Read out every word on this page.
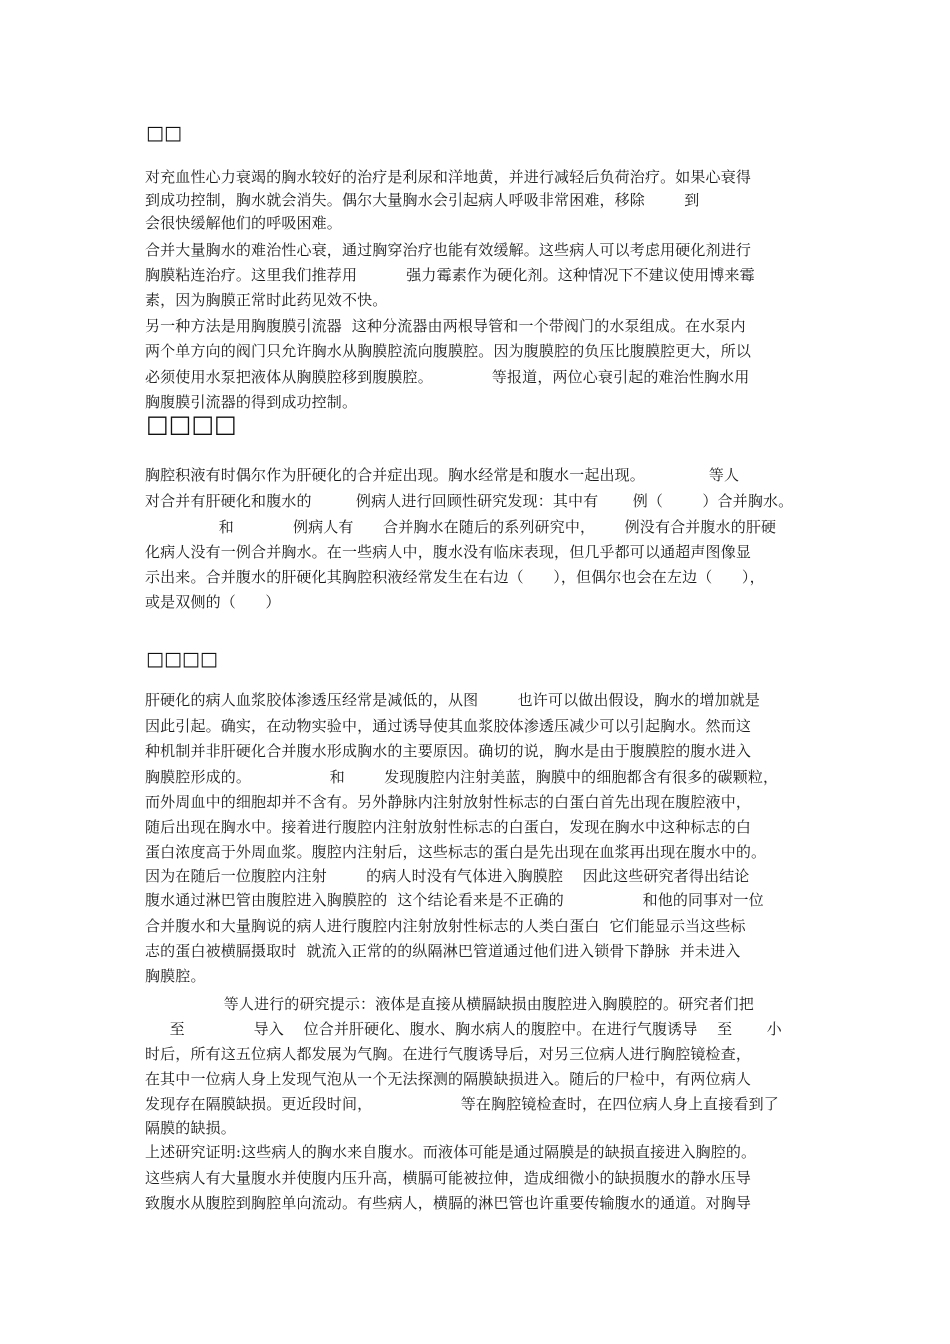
□□
对充血性心力衰竭的胸水较好的治疗是利尿和洋地黄，并进行减轻后负荷治疗。如果心衰得
到成功控制，胸水就会消失。偶尔大量胸水会引起病人呼吸非常困难，移除        到
会很快缓解他们的呼吸困难。
合并大量胸水的难治性心衰，通过胸穿治疗也能有效缓解。这些病人可以考虑用硬化剂进行
胸膜粘连治疗。这里我们推荐用          强力霉素作为硬化剂。这种情况下不建议使用博来霉
素，因为胸膜正常时此药见效不快。
另一种方法是用胸腹膜引流器  这种分流器由两根导管和一个带阀门的水泵组成。在水泵内
两个单方向的阀门只允许胸水从胸膜腔流向腹膜腔。因为腹膜腔的负压比腹膜腔更大，所以
必须使用水泵把液体从胸膜腔移到腹膜腔。            等报道，两位心衰引起的难治性胸水用
胸腹膜引流器的得到成功控制。
□□□□
胸腔积液有时偶尔作为肝硬化的合并症出现。胸水经常是和腹水一起出现。             等人
对合并有肝硬化和腹水的         例病人进行回顾性研究发现：其中有       例（        ）合并胸水。
和            例病人有      合并胸水在随后的系列研究中，      例没有合并腹水的肝硬
化病人没有一例合并胸水。在一些病人中，腹水没有临床表现，但几乎都可以通超声图像显
示出来。合并腹水的肝硬化其胸腔积液经常发生在右边（      ），但偶尔也会在左边（      ），
或是双侧的（      ）
□□□□
肝硬化的病人血浆胶体渗透压经常是减低的，从图        也许可以做出假设，胸水的增加就是
因此引起。确实，在动物实验中，通过诱导使其血浆胶体渗透压减少可以引起胸水。然而这
种机制并非肝硬化合并腹水形成胸水的主要原因。确切的说，胸水是由于腹膜腔的腹水进入
胸膜腔形成的。                和        发现腹腔内注射美蓝，胸膜中的细胞都含有很多的碳颗粒，
而外周血中的细胞却并不含有。另外静脉内注射放射性标志的白蛋白首先出现在腹腔液中，
随后出现在胸水中。接着进行腹腔内注射放射性标志的白蛋白，发现在胸水中这种标志的白
蛋白浓度高于外周血浆。腹腔内注射后，这些标志的蛋白是先出现在血浆再出现在腹水中的。
因为在随后一位腹腔内注射        的病人时没有气体进入胸膜腔    因此这些研究者得出结论
腹水通过淋巴管由腹腔进入胸膜腔的  这个结论看来是不正确的                和他的同事对一位
合并腹水和大量胸说的病人进行腹腔内注射放射性标志的人类白蛋白  它们能显示当这些标
志的蛋白被横膈摄取时  就流入正常的的纵隔淋巴管道通过他们进入锁骨下静脉  并未进入
胸膜腔。
等人进行的研究提示：液体是直接从横膈缺损由腹腔进入胸膜腔的。研究者们把
至              导入    位合并肝硬化、腹水、胸水病人的腹腔中。在进行气腹诱导    至       小
时后，所有这五位病人都发展为气胸。在进行气腹诱导后，对另三位病人进行胸腔镜检查，
在其中一位病人身上发现气泡从一个无法探测的隔膜缺损进入。随后的尸检中，有两位病人
发现存在隔膜缺损。更近段时间，                  等在胸腔镜检查时，在四位病人身上直接看到了
隔膜的缺损。
上述研究证明:这些病人的胸水来自腹水。而液体可能是通过隔膜是的缺损直接进入胸腔的。
这些病人有大量腹水并使腹内压升高，横膈可能被拉伸，造成细微小的缺损腹水的静水压导
致腹水从腹腔到胸腔单向流动。有些病人，横膈的淋巴管也许重要传输腹水的通道。对胸导
